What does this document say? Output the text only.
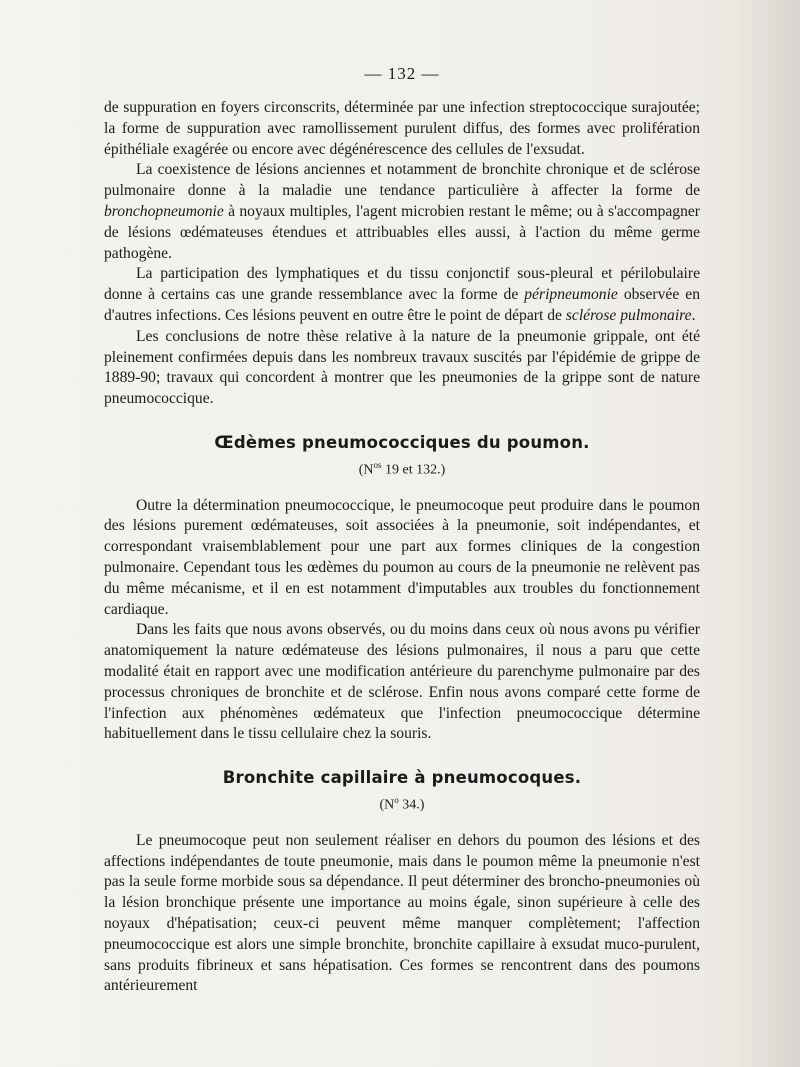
— 132 —

de suppuration en foyers circonscrits, déterminée par une infection streptococcique surajoutée; la forme de suppuration avec ramollissement purulent diffus, des formes avec prolifération épithéliale exagérée ou encore avec dégénérescence des cellules de l'exsudat.

La coexistence de lésions anciennes et notamment de bronchite chronique et de sclérose pulmonaire donne à la maladie une tendance particulière à affecter la forme de bronchopneumonie à noyaux multiples, l'agent microbien restant le même; ou à s'accompagner de lésions œdémateuses étendues et attribuables elles aussi, à l'action du même germe pathogène.

La participation des lymphatiques et du tissu conjonctif sous-pleural et périlobulaire donne à certains cas une grande ressemblance avec la forme de péripneumonie observée en d'autres infections. Ces lésions peuvent en outre être le point de départ de sclérose pulmonaire.

Les conclusions de notre thèse relative à la nature de la pneumonie grippale, ont été pleinement confirmées depuis dans les nombreux travaux suscités par l'épidémie de grippe de 1889-90; travaux qui concordent à montrer que les pneumonies de la grippe sont de nature pneumococcique.

Œdèmes pneumococciques du poumon.
($N^{os}$ 19 et 132.)

Outre la détermination pneumococcique, le pneumocoque peut produire dans le poumon des lésions purement œdémateuses, soit associées à la pneumonie, soit indépendantes, et correspondant vraisemblablement pour une part aux formes cliniques de la congestion pulmonaire. Cependant tous les œdèmes du poumon au cours de la pneumonie ne relèvent pas du même mécanisme, et il en est notamment d'imputables aux troubles du fonctionnement cardiaque.

Dans les faits que nous avons observés, ou du moins dans ceux où nous avons pu vérifier anatomiquement la nature œdémateuse des lésions pulmonaires, il nous a paru que cette modalité était en rapport avec une modification antérieure du parenchyme pulmonaire par des processus chroniques de bronchite et de sclérose. Enfin nous avons comparé cette forme de l'infection aux phénomènes œdémateux que l'infection pneumococcique détermine habituellement dans le tissu cellulaire chez la souris.

Bronchite capillaire à pneumocoques.
($N^o$ 34.)

Le pneumocoque peut non seulement réaliser en dehors du poumon des lésions et des affections indépendantes de toute pneumonie, mais dans le poumon même la pneumonie n'est pas la seule forme morbide sous sa dépendance. Il peut déterminer des broncho-pneumonies où la lésion bronchique présente une importance au moins égale, sinon supérieure à celle des noyaux d'hépatisation; ceux-ci peuvent même manquer complètement; l'affection pneumococcique est alors une simple bronchite, bronchite capillaire à exsudat muco-purulent, sans produits fibrineux et sans hépatisation. Ces formes se rencontrent dans des poumons antérieurement
